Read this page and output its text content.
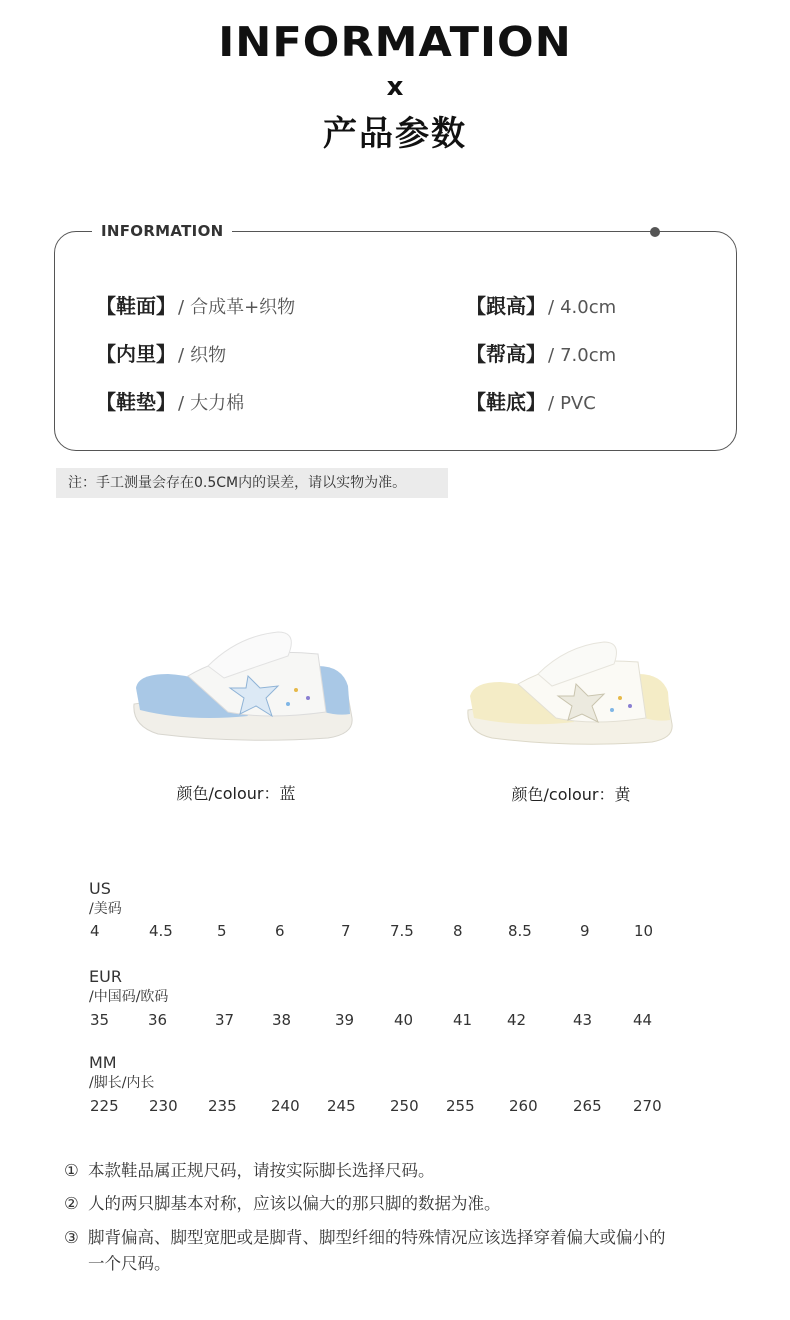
INFORMATION
x
产品参数
INFORMATION
【鞋面】 / 合成革+织物	【跟高】 / 4.0cm
【内里】 / 织物	【帮高】 / 7.0cm
【鞋垫】 / 大力棉	【鞋底】 / PVC
注：手工测量会存在0.5CM内的误差，请以实物为准。
颜色/colour：蓝	颜色/colour：黄
US
/美码
4	4.5	5	6	7	7.5	8	8.5	9	10
EUR
/中国码/欧码
35	36	37	38	39	40	41 42	43	44
MM
/脚长/内长
225 230 235 240 245 250 255 260 265 270
① 本款鞋品属正规尺码，请按实际脚长选择尺码。
② 人的两只脚基本对称，应该以偏大的那只脚的数据为准。
③ 脚背偏高、脚型宽肥或是脚背、脚型纤细的特殊情况应该选择穿着偏大或偏小的
一个尺码。
